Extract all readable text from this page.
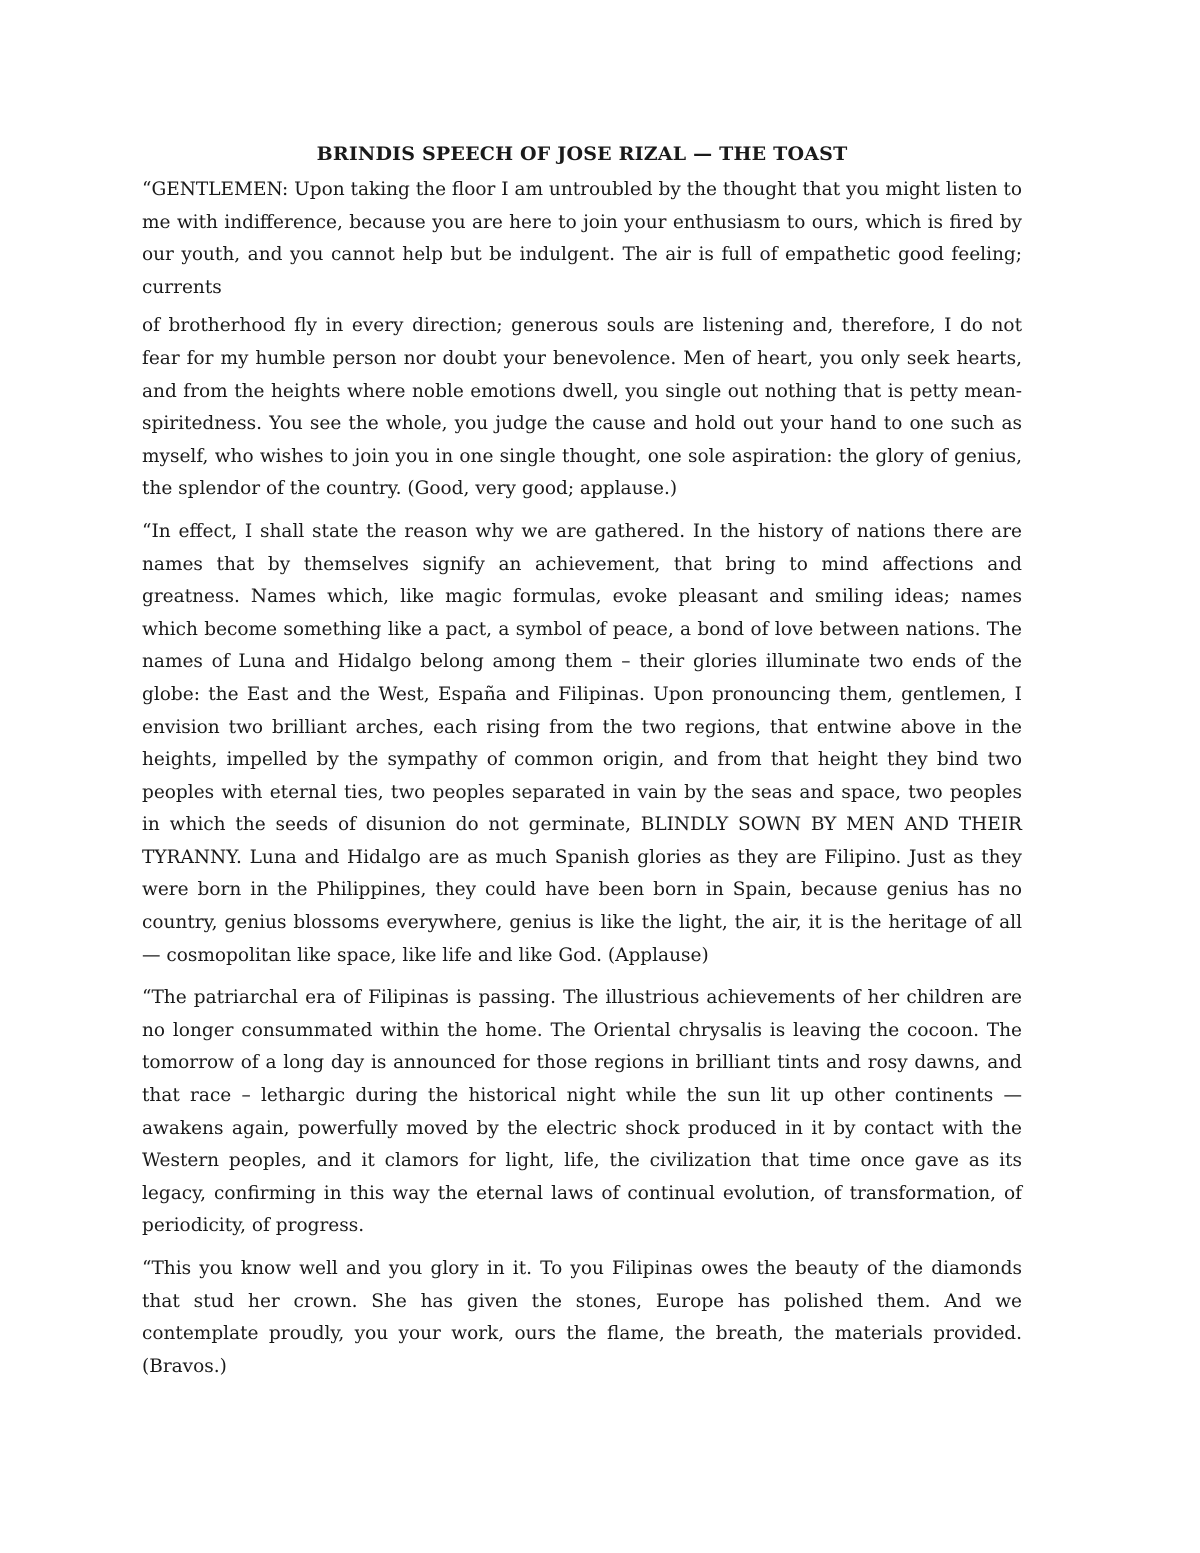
BRINDIS SPEECH OF JOSE RIZAL — THE TOAST

“GENTLEMEN: Upon taking the floor I am untroubled by the thought that you might listen to me with indifference, because you are here to join your enthusiasm to ours, which is fired by our youth, and you cannot help but be indulgent. The air is full of empathetic good feeling; currents

of brotherhood fly in every direction; generous souls are listening and, therefore, I do not fear for my humble person nor doubt your benevolence. Men of heart, you only seek hearts, and from the heights where noble emotions dwell, you single out nothing that is petty mean-spiritedness. You see the whole, you judge the cause and hold out your hand to one such as myself, who wishes to join you in one single thought, one sole aspiration: the glory of genius, the splendor of the country. (Good, very good; applause.)

“In effect, I shall state the reason why we are gathered. In the history of nations there are names that by themselves signify an achievement, that bring to mind affections and greatness. Names which, like magic formulas, evoke pleasant and smiling ideas; names which become something like a pact, a symbol of peace, a bond of love between nations. The names of Luna and Hidalgo belong among them – their glories illuminate two ends of the globe: the East and the West, España and Filipinas. Upon pronouncing them, gentlemen, I envision two brilliant arches, each rising from the two regions, that entwine above in the heights, impelled by the sympathy of common origin, and from that height they bind two peoples with eternal ties, two peoples separated in vain by the seas and space, two peoples in which the seeds of disunion do not germinate, BLINDLY SOWN BY MEN AND THEIR TYRANNY. Luna and Hidalgo are as much Spanish glories as they are Filipino. Just as they were born in the Philippines, they could have been born in Spain, because genius has no country, genius blossoms everywhere, genius is like the light, the air, it is the heritage of all — cosmopolitan like space, like life and like God. (Applause)

“The patriarchal era of Filipinas is passing. The illustrious achievements of her children are no longer consummated within the home. The Oriental chrysalis is leaving the cocoon. The tomorrow of a long day is announced for those regions in brilliant tints and rosy dawns, and that race – lethargic during the historical night while the sun lit up other continents — awakens again, powerfully moved by the electric shock produced in it by contact with the Western peoples, and it clamors for light, life, the civilization that time once gave as its legacy, confirming in this way the eternal laws of continual evolution, of transformation, of periodicity, of progress.

“This you know well and you glory in it. To you Filipinas owes the beauty of the diamonds that stud her crown. She has given the stones, Europe has polished them. And we contemplate proudly, you your work, ours the flame, the breath, the materials provided. (Bravos.)
